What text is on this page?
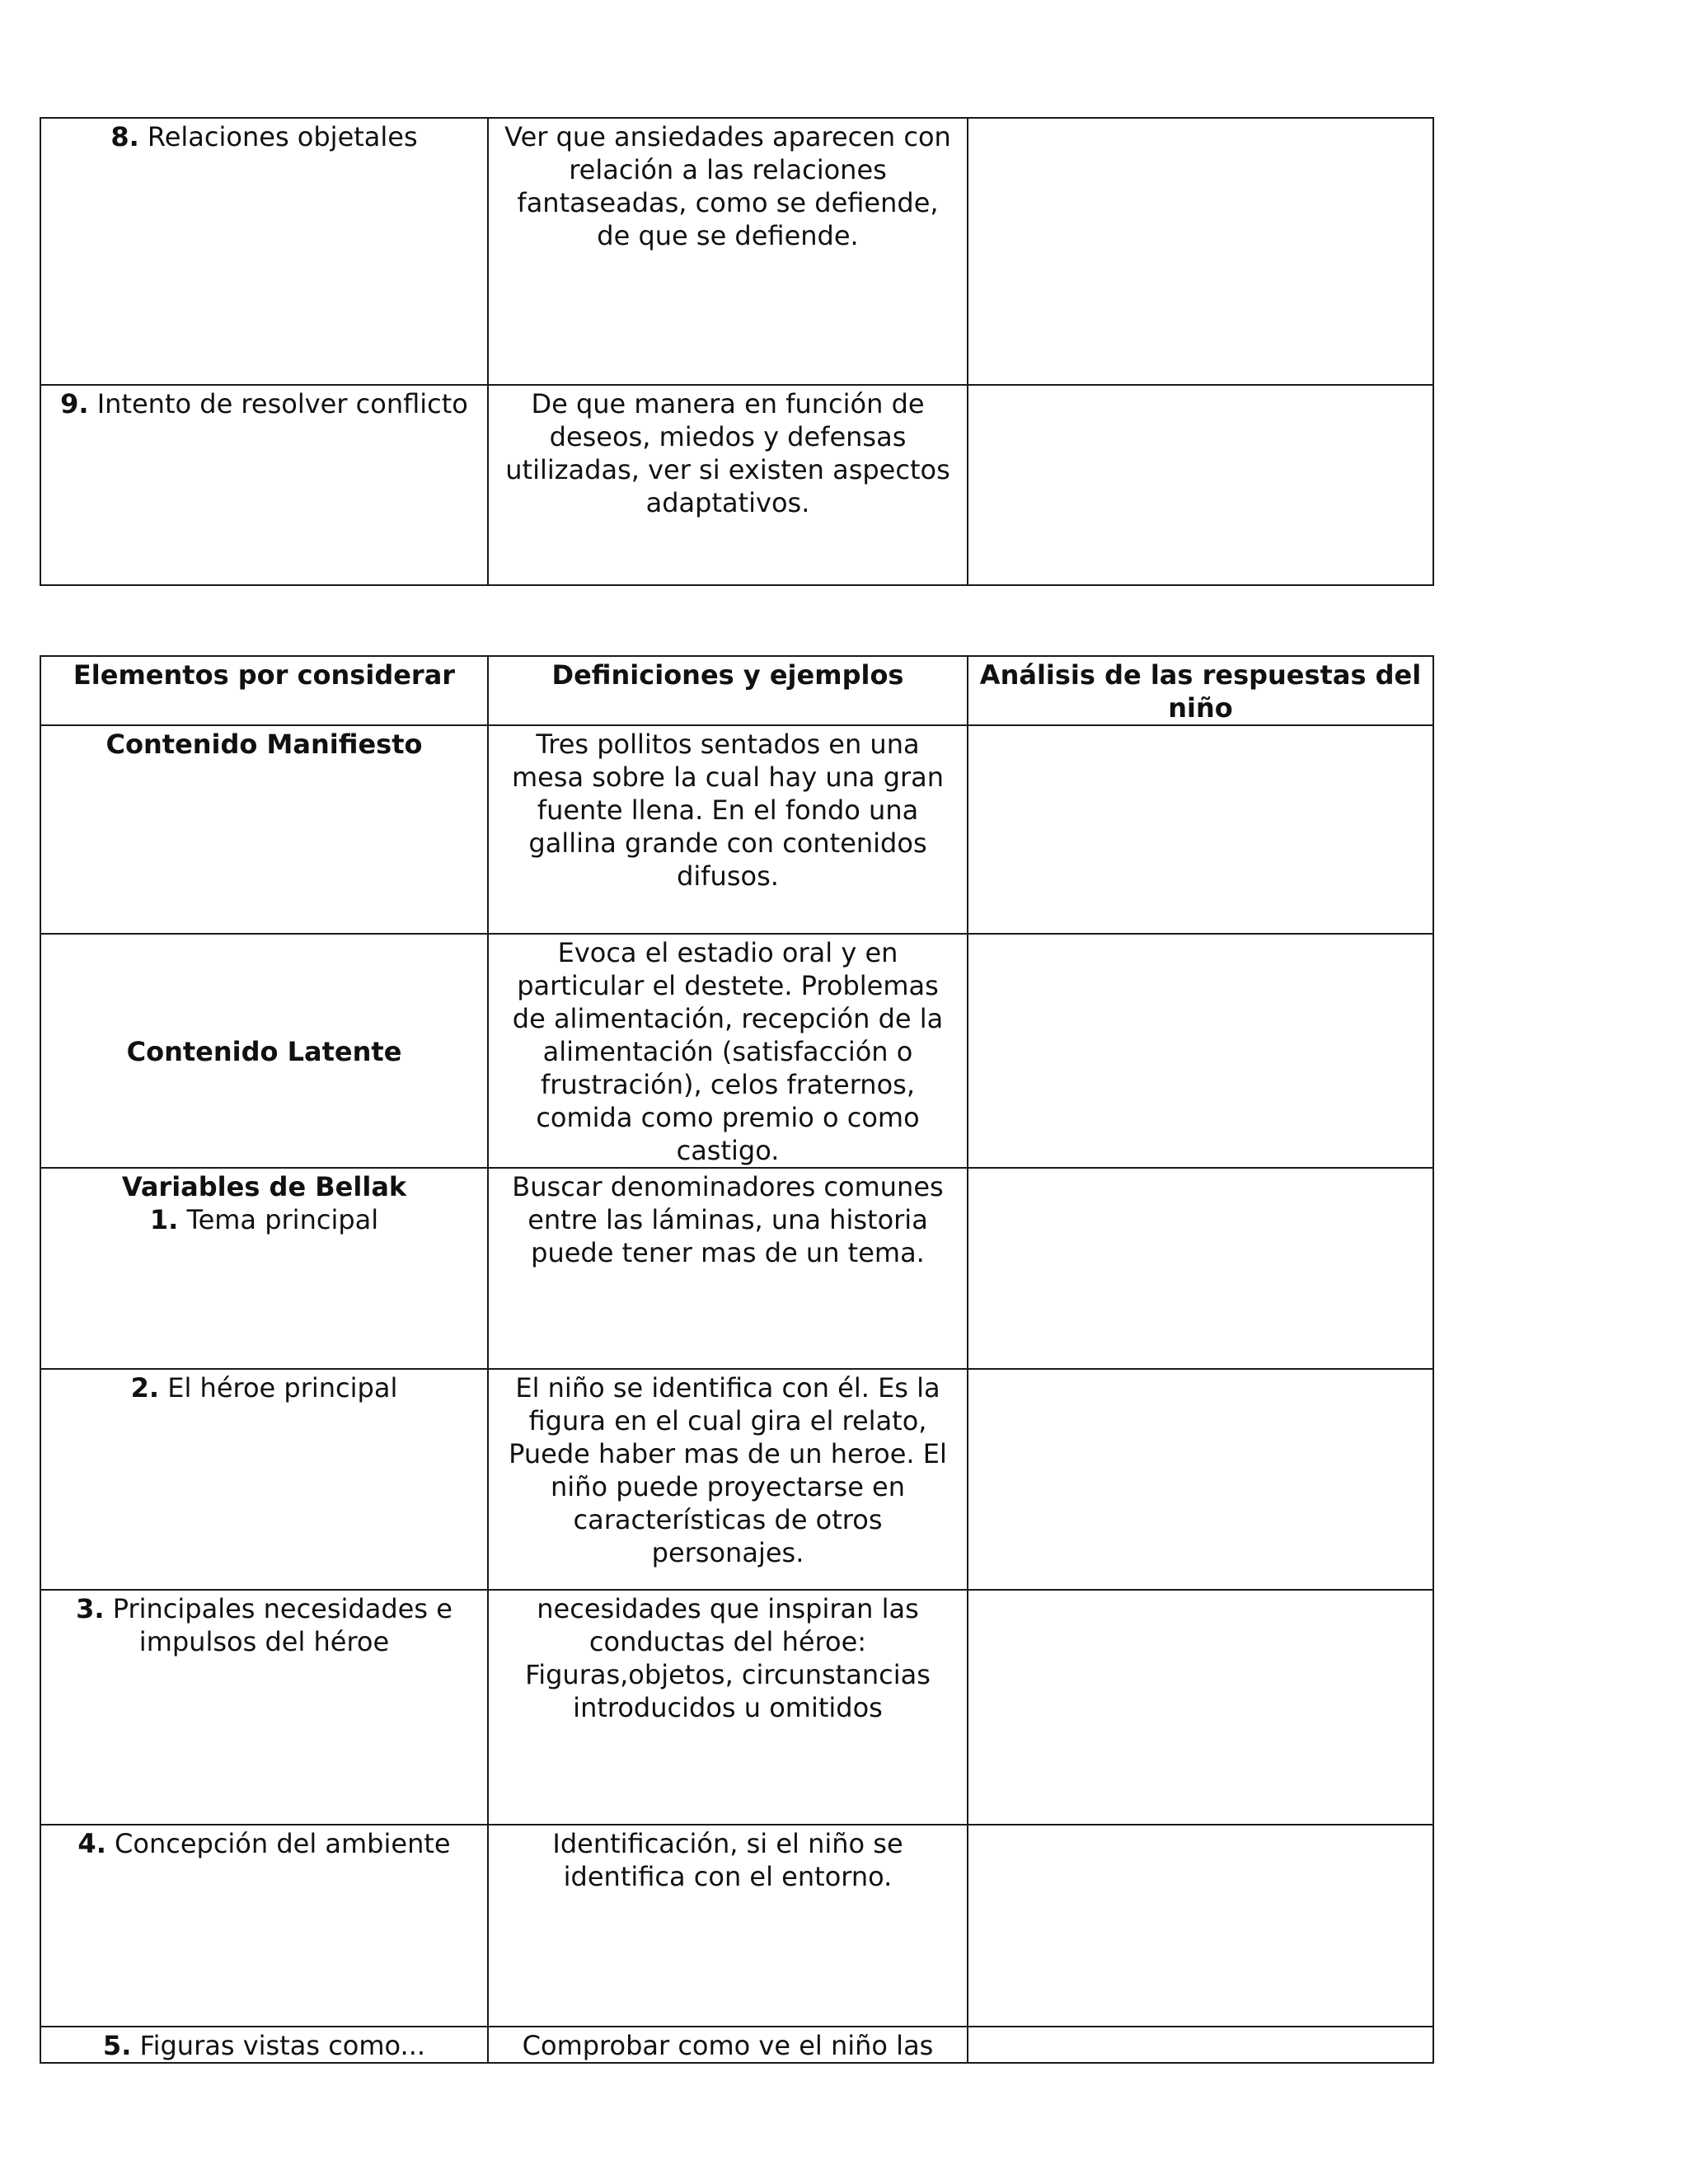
8. Relaciones objetales	Ver que ansiedades aparecen con relación a las relaciones fantaseadas, como se defiende, de que se defiende.	

9. Intento de resolver conflicto	De que manera en función de deseos, miedos y defensas utilizadas, ver si existen aspectos adaptativos.	

Elementos por considerar	Definiciones y ejemplos	Análisis de las respuestas del niño
Contenido Manifiesto	Tres pollitos sentados en una mesa sobre la cual hay una gran fuente llena. En el fondo una gallina grande con contenidos difusos.	

Contenido Latente	Evoca el estadio oral y en particular el destete. Problemas de alimentación, recepción de la alimentación (satisfacción o frustración), celos fraternos, comida como premio o como castigo.	

Variables de Bellak
1. Tema principal	Buscar denominadores comunes entre las láminas, una historia puede tener mas de un tema.	

2. El héroe principal	El niño se identifica con él. Es la figura en el cual gira el relato, Puede haber mas de un heroe. El niño puede proyectarse en características de otros personajes.	

3. Principales necesidades e impulsos del héroe	necesidades que inspiran las conductas del héroe: Figuras,objetos, circunstancias introducidos u omitidos	

4. Concepción del ambiente	Identificación, si el niño se identifica con el entorno.	

5. Figuras vistas como...	Comprobar como ve el niño las	
